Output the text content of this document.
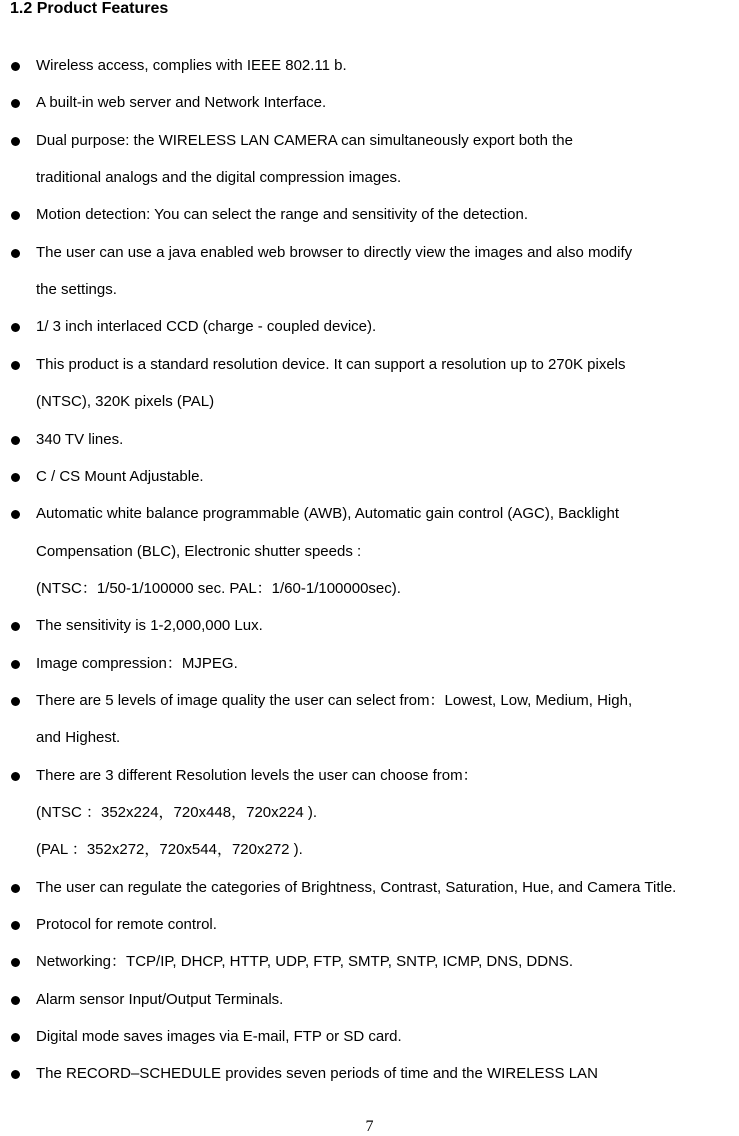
1.2 Product Features
Wireless access, complies with IEEE 802.11 b.
A built-in web server and Network Interface.
Dual purpose: the WIRELESS LAN CAMERA can simultaneously export both the
traditional analogs and the digital compression images.
Motion detection: You can select the range and sensitivity of the detection.
The user can use a java enabled web browser to directly view the images and also modify
the settings.
1/ 3 inch interlaced CCD (charge - coupled device).
This product is a standard resolution device. It can support a resolution up to 270K pixels
(NTSC), 320K pixels (PAL)
340 TV lines.
C / CS Mount Adjustable.
Automatic white balance programmable (AWB), Automatic gain control (AGC), Backlight
Compensation (BLC), Electronic shutter speeds :
(NTSC：1/50-1/100000 sec. PAL：1/60-1/100000sec).
The sensitivity is 1-2,000,000 Lux.
Image compression：MJPEG.
There are 5 levels of image quality the user can select from：Lowest, Low, Medium, High,
and Highest.
There are 3 different Resolution levels the user can choose from：
(NTSC ：352x224，720x448，720x224 ).
(PAL ：352x272，720x544，720x272 ).
The user can regulate the categories of Brightness, Contrast, Saturation, Hue, and Camera Title.
Protocol for remote control.
Networking：TCP/IP, DHCP, HTTP, UDP, FTP, SMTP, SNTP, ICMP, DNS, DDNS.
Alarm sensor Input/Output Terminals.
Digital mode saves images via E-mail, FTP or SD card.
The RECORD–SCHEDULE provides seven periods of time and the WIRELESS LAN
7
